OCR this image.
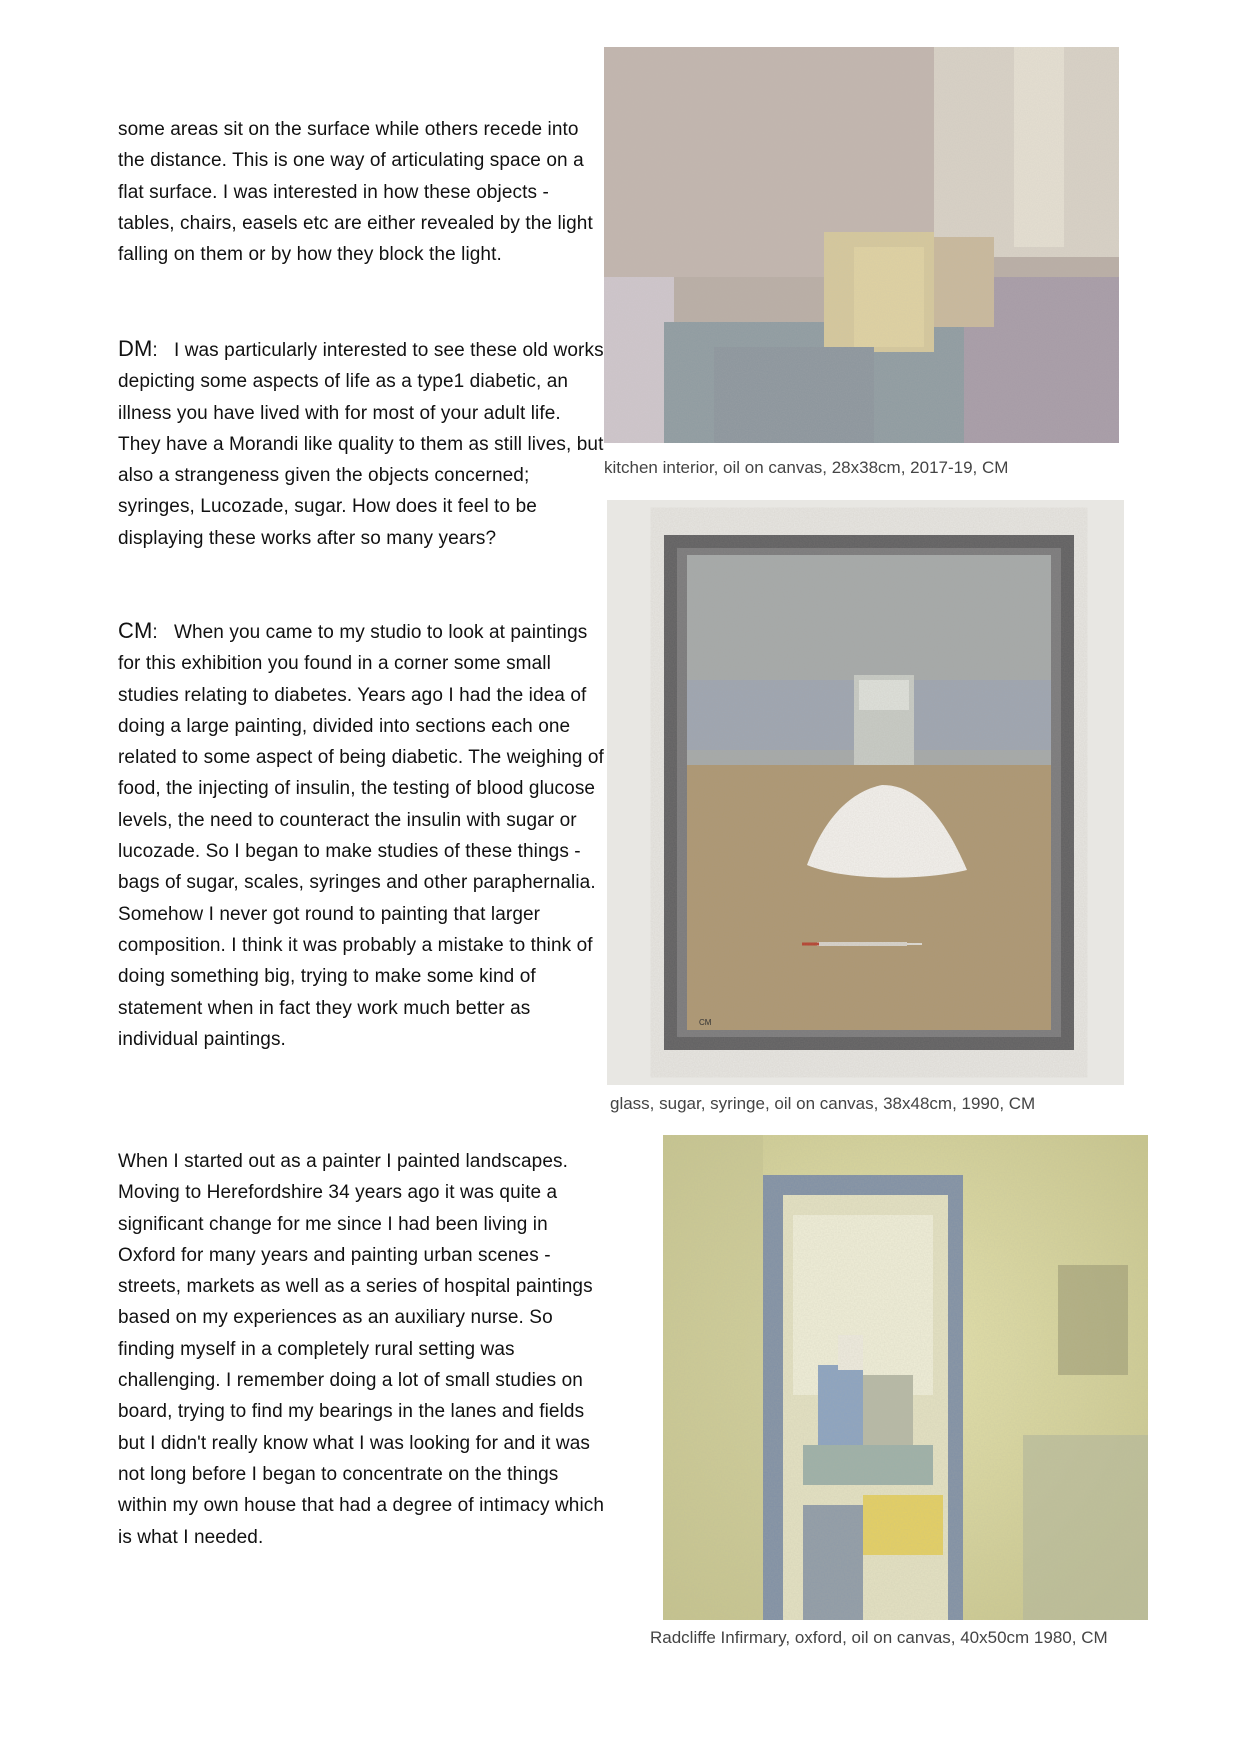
some areas sit on the surface while others recede into the distance. This is one way of articulating space on a flat surface. I was interested in how these objects - tables, chairs, easels etc are either revealed by the light falling on them or by how they block the light.

DM:   I was particularly interested to see these old works depicting some aspects of life as a type1 diabetic, an illness you have lived with for most of your adult life. They have a Morandi like quality to them as still lives, but also a strangeness given the objects concerned; syringes, Lucozade, sugar. How does it feel to be displaying these works after so many years?

CM:   When you came to my studio to look at paintings for this exhibition you found in a corner some small studies relating to diabetes. Years ago I had the idea of doing a large painting, divided into sections each one related to some aspect of being diabetic. The weighing of food, the injecting of insulin, the testing of blood glucose levels, the need to counteract the insulin with sugar or lucozade. So I began to make studies of these things - bags of sugar, scales, syringes and other paraphernalia. Somehow I never got round to painting that larger composition. I think it was probably a mistake to think of doing something big, trying to make some kind of statement when in fact they work much better as individual paintings.

When I started out as a painter I painted landscapes. Moving to Herefordshire 34 years ago it was quite a significant change for me since I had been living in Oxford for many years and painting urban scenes - streets, markets as well as a series of hospital paintings based on my experiences as an auxiliary nurse. So finding myself in a completely rural setting was challenging. I remember doing a lot of small studies on board, trying to find my bearings in the lanes and fields but I didn't really know what I was looking for and it was not long before I began to concentrate on the things within my own house that had a degree of intimacy which is what I needed.

kitchen interior, oil on canvas, 28x38cm, 2017-19, CM
CM
glass, sugar, syringe, oil on canvas, 38x48cm, 1990, CM
Radcliffe Infirmary, oxford, oil on canvas, 40x50cm 1980, CM
